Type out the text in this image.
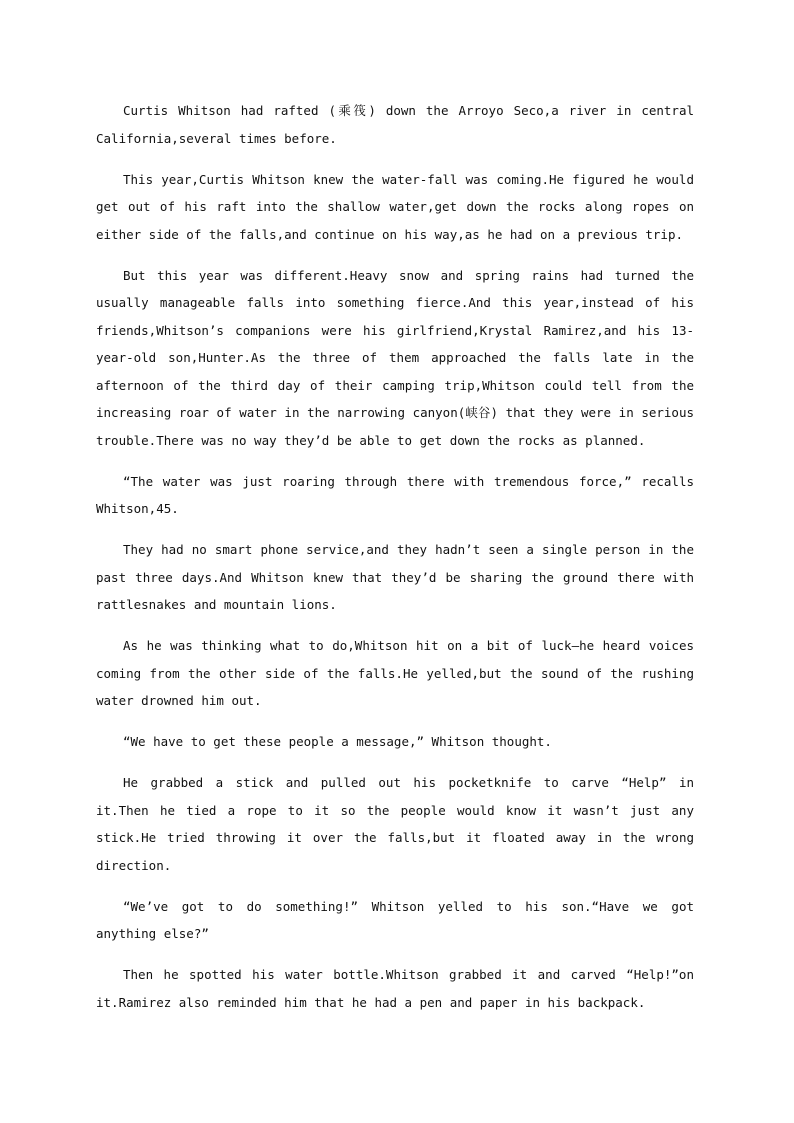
Curtis Whitson had rafted (乘筏) down the Arroyo Seco,a river in central California,several times before.

This year,Curtis Whitson knew the water-fall was coming.He figured he would get out of his raft into the shallow water,get down the rocks along ropes on either side of the falls,and continue on his way,as he had on a previous trip.

But this year was different.Heavy snow and spring rains had turned the usually manageable falls into something fierce.And this year,instead of his friends,Whitson’s companions were his girlfriend,Krystal Ramirez,and his 13-year-old son,Hunter.As the three of them approached the falls late in the afternoon of the third day of their camping trip,Whitson could tell from the increasing roar of water in the narrowing canyon(峡谷) that they were in serious trouble.There was no way they’d be able to get down the rocks as planned.

“The water was just roaring through there with tremendous force,” recalls Whitson,45.

They had no smart phone service,and they hadn’t seen a single person in the past three days.And Whitson knew that they’d be sharing the ground there with rattlesnakes and mountain lions.

As he was thinking what to do,Whitson hit on a bit of luck—he heard voices coming from the other side of the falls.He yelled,but the sound of the rushing water drowned him out.

“We have to get these people a message,” Whitson thought.

He grabbed a stick and pulled out his pocketknife to carve “Help” in it.Then he tied a rope to it so the people would know it wasn’t just any stick.He tried throwing it over the falls,but it floated away in the wrong direction.

“We’ve got to do something!” Whitson yelled to his son.“Have we got anything else?”

Then he spotted his water bottle.Whitson grabbed it and carved “Help!”on it.Ramirez also reminded him that he had a pen and paper in his backpack.
